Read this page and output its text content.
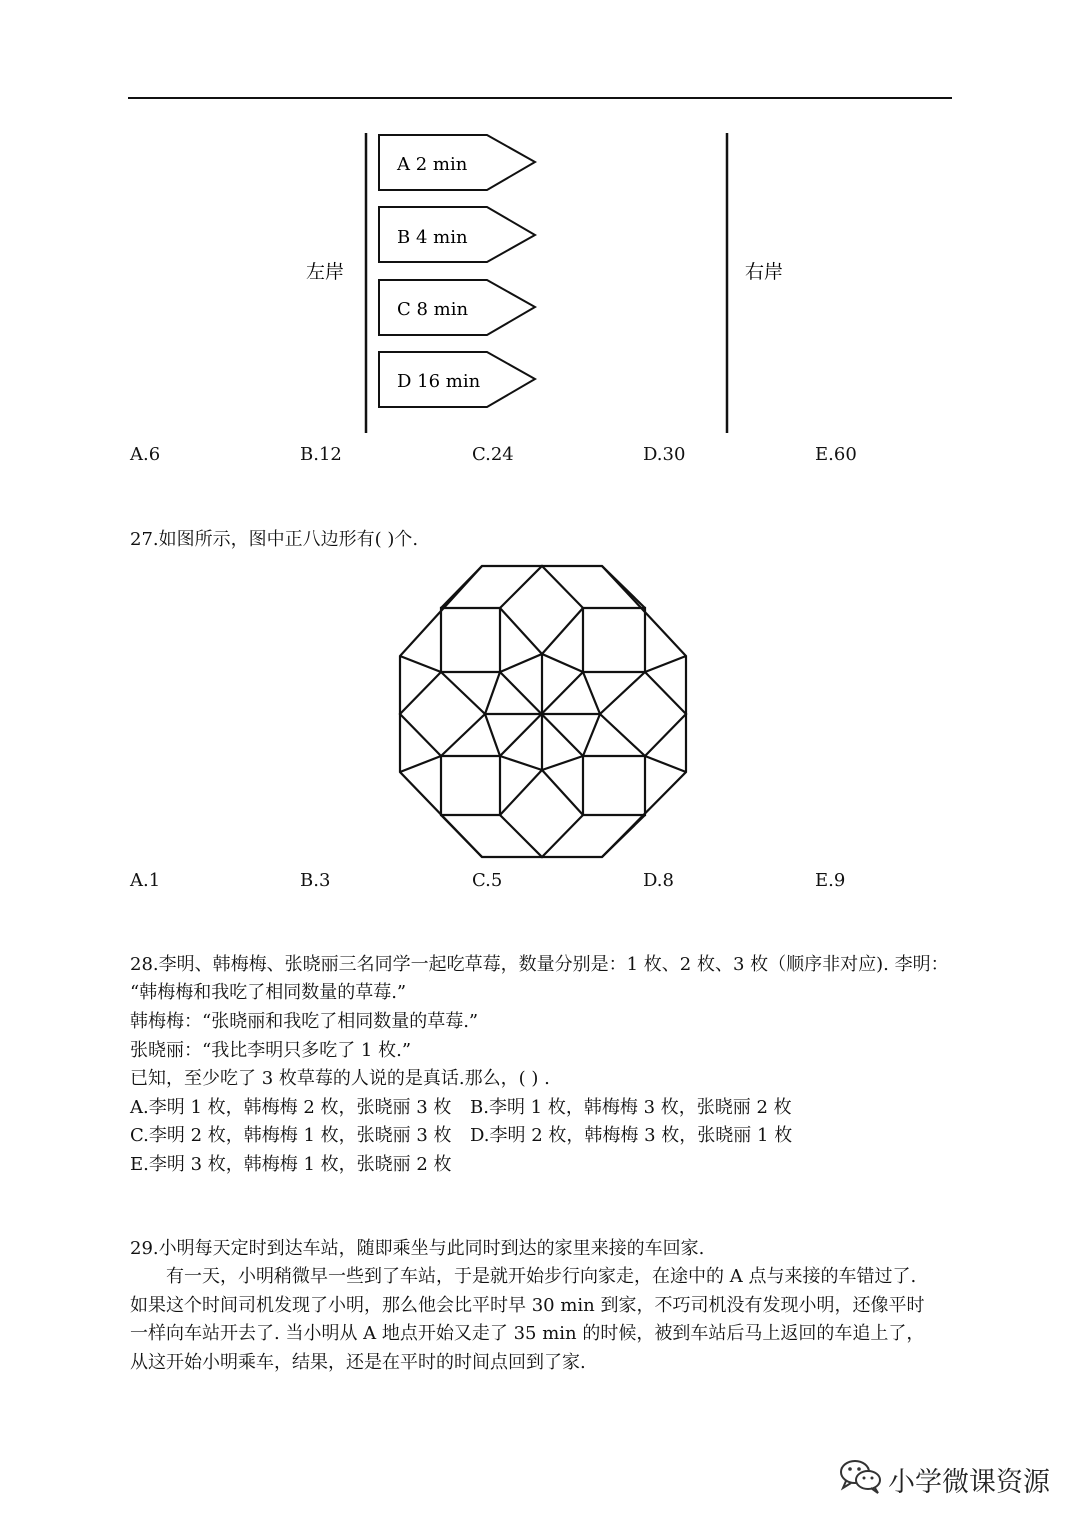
左岸	右岸
A 2 min
B 4 min
C 8 min
D 16 min
A.6	B.12	C.24	D.30	E.60
27.如图所示，图中正八边形有( )个.
A.1	B.3	C.5	D.8	E.9
28.李明、韩梅梅、张晓丽三名同学一起吃草莓，数量分别是：1 枚、2 枚、3 枚（顺序非对应). 李明：
“韩梅梅和我吃了相同数量的草莓.”
韩梅梅：“张晓丽和我吃了相同数量的草莓.”
张晓丽：“我比李明只多吃了 1 枚.”
已知，至少吃了 3 枚草莓的人说的是真话.那么，( ) .
A.李明 1 枚，韩梅梅 2 枚，张晓丽 3 枚 B.李明 1 枚，韩梅梅 3 枚，张晓丽 2 枚
C.李明 2 枚，韩梅梅 1 枚，张晓丽 3 枚 D.李明 2 枚，韩梅梅 3 枚，张晓丽 1 枚
E.李明 3 枚，韩梅梅 1 枚，张晓丽 2 枚
29.小明每天定时到达车站，随即乘坐与此同时到达的家里来接的车回家.
有一天，小明稍微早一些到了车站，于是就开始步行向家走，在途中的 A 点与来接的车错过了.
如果这个时间司机发现了小明，那么他会比平时早 30 min 到家，不巧司机没有发现小明，还像平时
一样向车站开去了. 当小明从 A 地点开始又走了 35 min 的时候，被到车站后马上返回的车追上了，
从这开始小明乘车，结果，还是在平时的时间点回到了家.
小学微课资源
